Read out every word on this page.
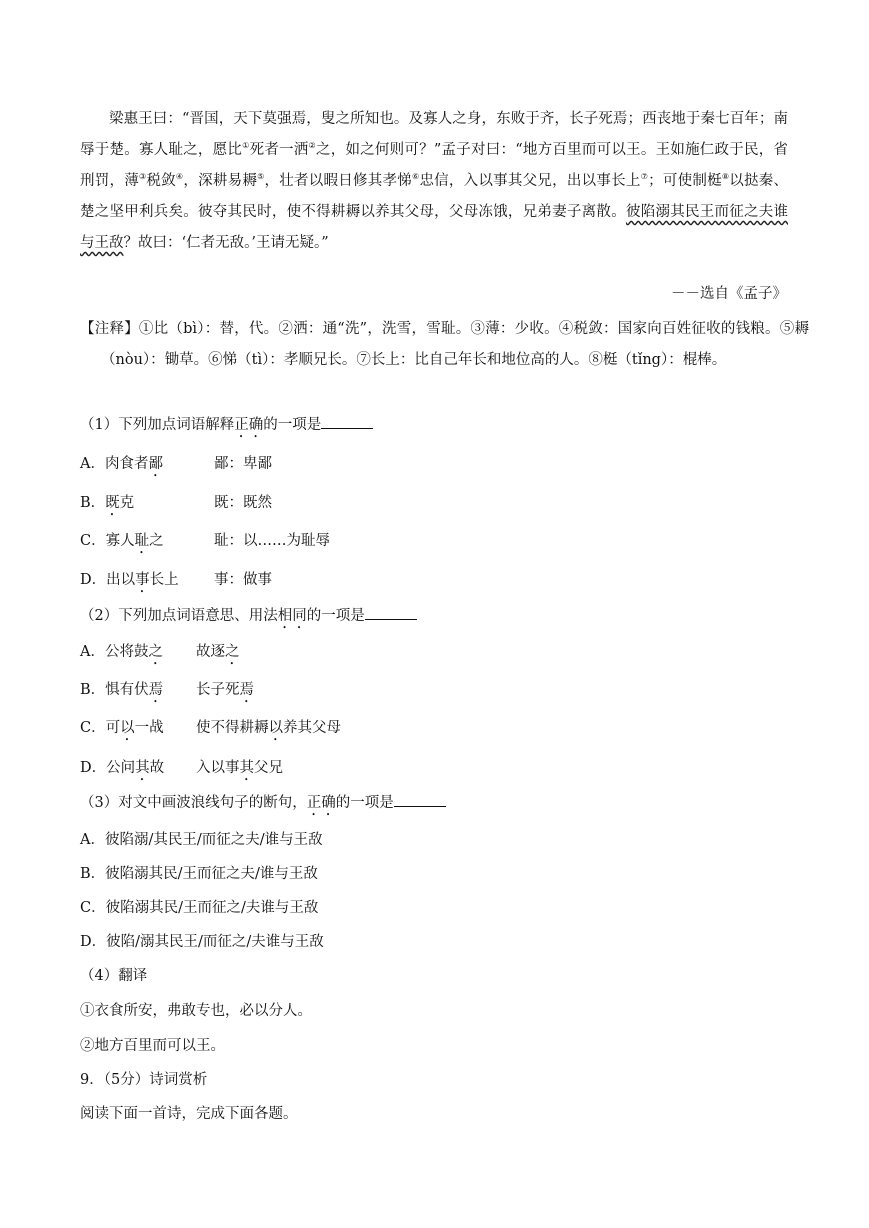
梁惠王曰：“晋国，天下莫强焉，叟之所知也。及寡人之身，东败于齐，长子死焉；西丧地于秦七百年；南辱于楚。寡人耻之，愿比①死者一洒②之，如之何则可？”孟子对曰：“地方百里而可以王。王如施仁政于民，省刑罚，薄③税敛④，深耕易耨⑤，壮者以暇日修其孝悌⑥忠信，入以事其父兄，出以事长上⑦；可使制梃⑧以挞秦、楚之坚甲利兵矣。彼夺其民时，使不得耕耨以养其父母，父母冻饿，兄弟妻子离散。彼陷溺其民王而征之夫谁与王敌？故曰：‘仁者无敌。’王请无疑。”

－－选自《孟子》

【注释】①比（bì）：替，代。②洒：通“洗”，洗雪，雪耻。③薄：少收。④税敛：国家向百姓征收的钱粮。⑤耨（nòu）：锄草。⑥悌（tì）：孝顺兄长。⑦长上：比自己年长和地位高的人。⑧梃（tǐng）：棍棒。

（1）下列加点词语解释正确的一项是
A．肉食者鄙	鄙：卑鄙
B．既克	既：既然
C．寡人耻之	耻：以……为耻辱
D．出以事长上 事：做事
（2）下列加点词语意思、用法相同的一项是
A．公将鼓之 故逐之
B．惧有伏焉 长子死焉
C．可以一战 使不得耕耨以养其父母
D．公问其故 入以事其父兄
（3）对文中画波浪线句子的断句，正确的一项是
A．彼陷溺/其民王/而征之夫/谁与王敌
B．彼陷溺其民/王而征之夫/谁与王敌
C．彼陷溺其民/王而征之/夫谁与王敌
D．彼陷/溺其民王/而征之/夫谁与王敌
（4）翻译
①衣食所安，弗敢专也，必以分人。
②地方百里而可以王。
9．（5分）诗词赏析
阅读下面一首诗，完成下面各题。
